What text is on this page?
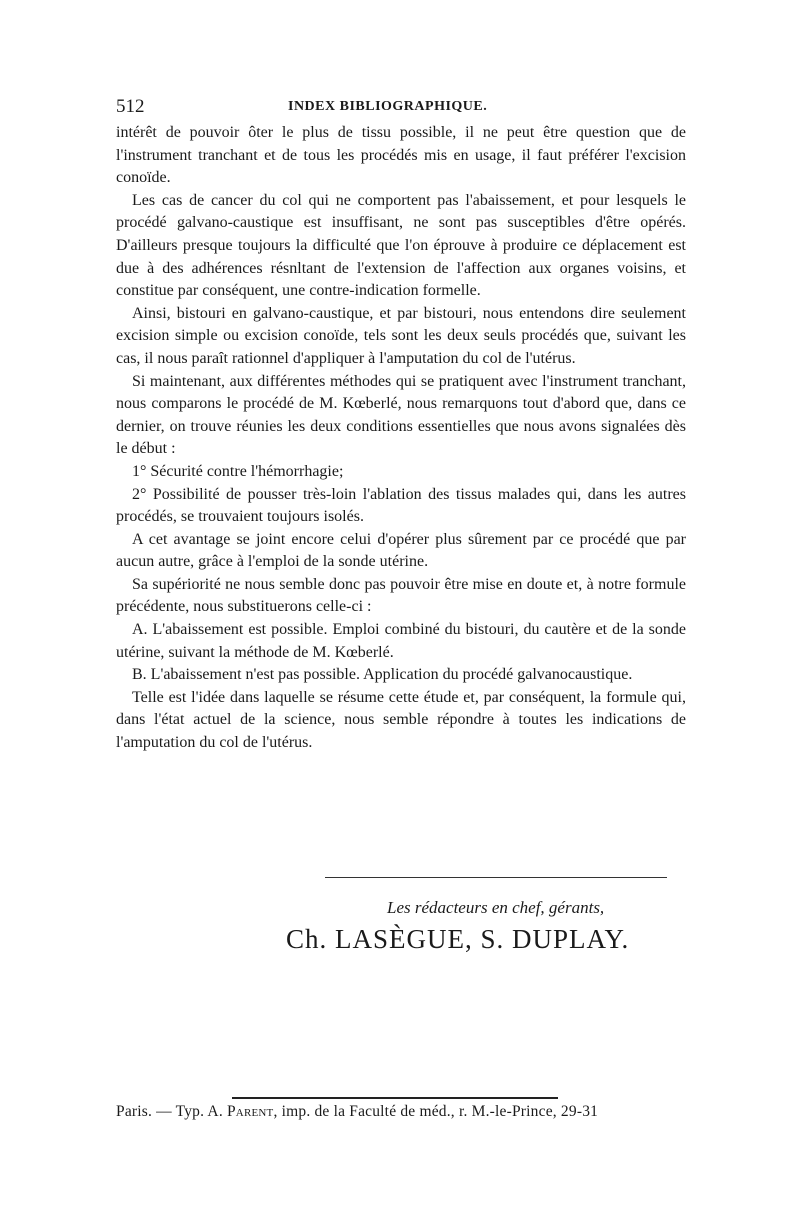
512	INDEX BIBLIOGRAPHIQUE.

intérêt de pouvoir ôter le plus de tissu possible, il ne peut être question que de l'instrument tranchant et de tous les procédés mis en usage, il faut préférer l'excision conoïde.

Les cas de cancer du col qui ne comportent pas l'abaissement, et pour lesquels le procédé galvano-caustique est insuffisant, ne sont pas susceptibles d'être opérés. D'ailleurs presque toujours la difficulté que l'on éprouve à produire ce déplacement est due à des adhérences résnltant de l'extension de l'affection aux organes voisins, et constitue par conséquent, une contre-indication formelle.

Ainsi, bistouri en galvano-caustique, et par bistouri, nous entendons dire seulement excision simple ou excision conoïde, tels sont les deux seuls procédés que, suivant les cas, il nous paraît rationnel d'appliquer à l'amputation du col de l'utérus.

Si maintenant, aux différentes méthodes qui se pratiquent avec l'instrument tranchant, nous comparons le procédé de M. Kœberlé, nous remarquons tout d'abord que, dans ce dernier, on trouve réunies les deux conditions essentielles que nous avons signalées dès le début :

1° Sécurité contre l'hémorrhagie;

2° Possibilité de pousser très-loin l'ablation des tissus malades qui, dans les autres procédés, se trouvaient toujours isolés.

A cet avantage se joint encore celui d'opérer plus sûrement par ce procédé que par aucun autre, grâce à l'emploi de la sonde utérine.

Sa supériorité ne nous semble donc pas pouvoir être mise en doute et, à notre formule précédente, nous substituerons celle-ci :

A. L'abaissement est possible. Emploi combiné du bistouri, du cautère et de la sonde utérine, suivant la méthode de M. Kœberlé.

B. L'abaissement n'est pas possible. Application du procédé galvanocaustique.

Telle est l'idée dans laquelle se résume cette étude et, par conséquent, la formule qui, dans l'état actuel de la science, nous semble répondre à toutes les indications de l'amputation du col de l'utérus.

Les rédacteurs en chef, gérants,
Ch. LASÈGUE, S. DUPLAY.
Paris. — Typ. A. Parent, imp. de la Faculté de méd., r. M.-le-Prince, 29-31
